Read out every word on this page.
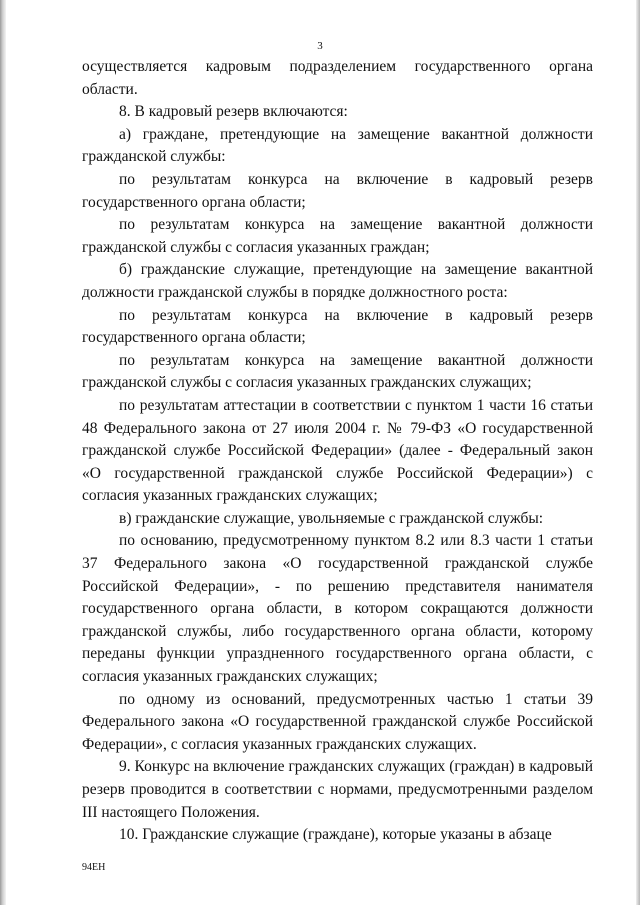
3

осуществляется кадровым подразделением государственного органа области.

8. В кадровый резерв включаются:

а) граждане, претендующие на замещение вакантной должности гражданской службы:

по результатам конкурса на включение в кадровый резерв государственного органа области;

по результатам конкурса на замещение вакантной должности гражданской службы с согласия указанных граждан;

б) гражданские служащие, претендующие на замещение вакантной должности гражданской службы в порядке должностного роста:

по результатам конкурса на включение в кадровый резерв государственного органа области;

по результатам конкурса на замещение вакантной должности гражданской службы с согласия указанных гражданских служащих;

по результатам аттестации в соответствии с пунктом 1 части 16 статьи 48 Федерального закона от 27 июля 2004 г. № 79-ФЗ «О государственной гражданской службе Российской Федерации» (далее - Федеральный закон «О государственной гражданской службе Российской Федерации») с согласия указанных гражданских служащих;

в) гражданские служащие, увольняемые с гражданской службы:

по основанию, предусмотренному пунктом 8.2 или 8.3 части 1 статьи 37 Федерального закона «О государственной гражданской службе Российской Федерации», - по решению представителя нанимателя государственного органа области, в котором сокращаются должности гражданской службы, либо государственного органа области, которому переданы функции упраздненного государственного органа области, с согласия указанных гражданских служащих;

по одному из оснований, предусмотренных частью 1 статьи 39 Федерального закона «О государственной гражданской службе Российской Федерации», с согласия указанных гражданских служащих.

9. Конкурс на включение гражданских служащих (граждан) в кадровый резерв проводится в соответствии с нормами, предусмотренными разделом III настоящего Положения.

10. Гражданские служащие (граждане), которые указаны в абзаце

94ЕН
